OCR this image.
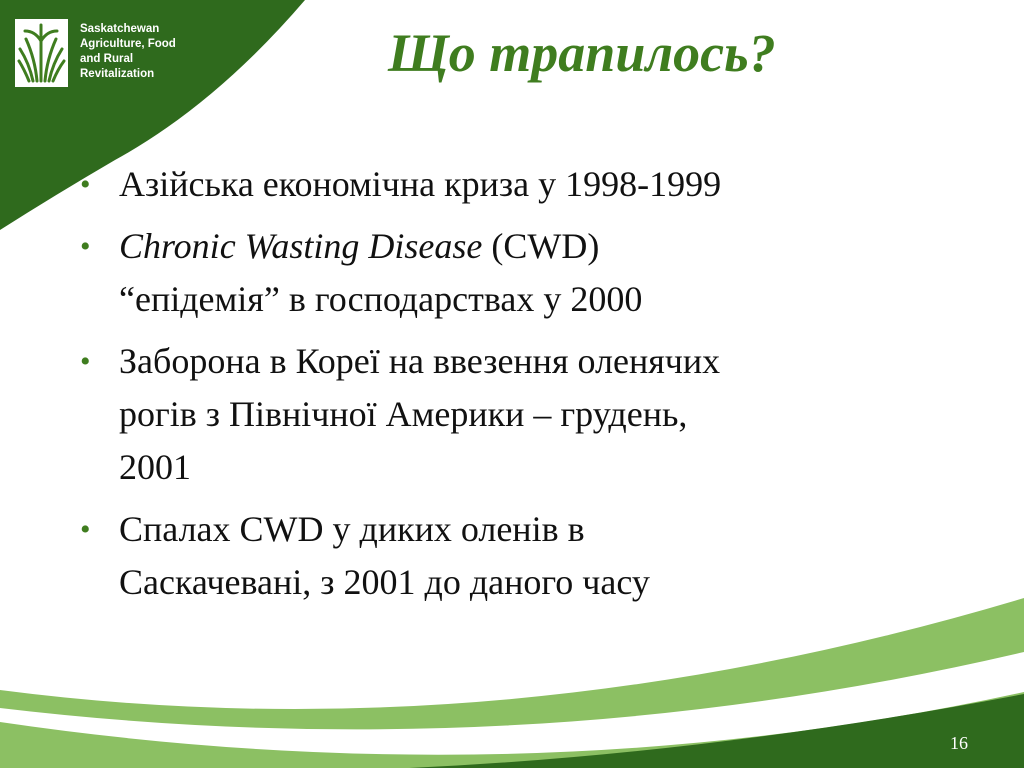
Saskatchewan
Agriculture, Food
and Rural
Revitalization	Що трапилось?
• Азійська економічна криза у 1998-1999
• Chronic Wasting Disease (CWD)
“епідемія” в господарствах у 2000
• Заборона в Кореї на ввезення оленячих
рогів з Північної Америки – грудень,
2001
• Спалах CWD у диких оленів в
Саскачевані, з 2001 до даного часу
16
